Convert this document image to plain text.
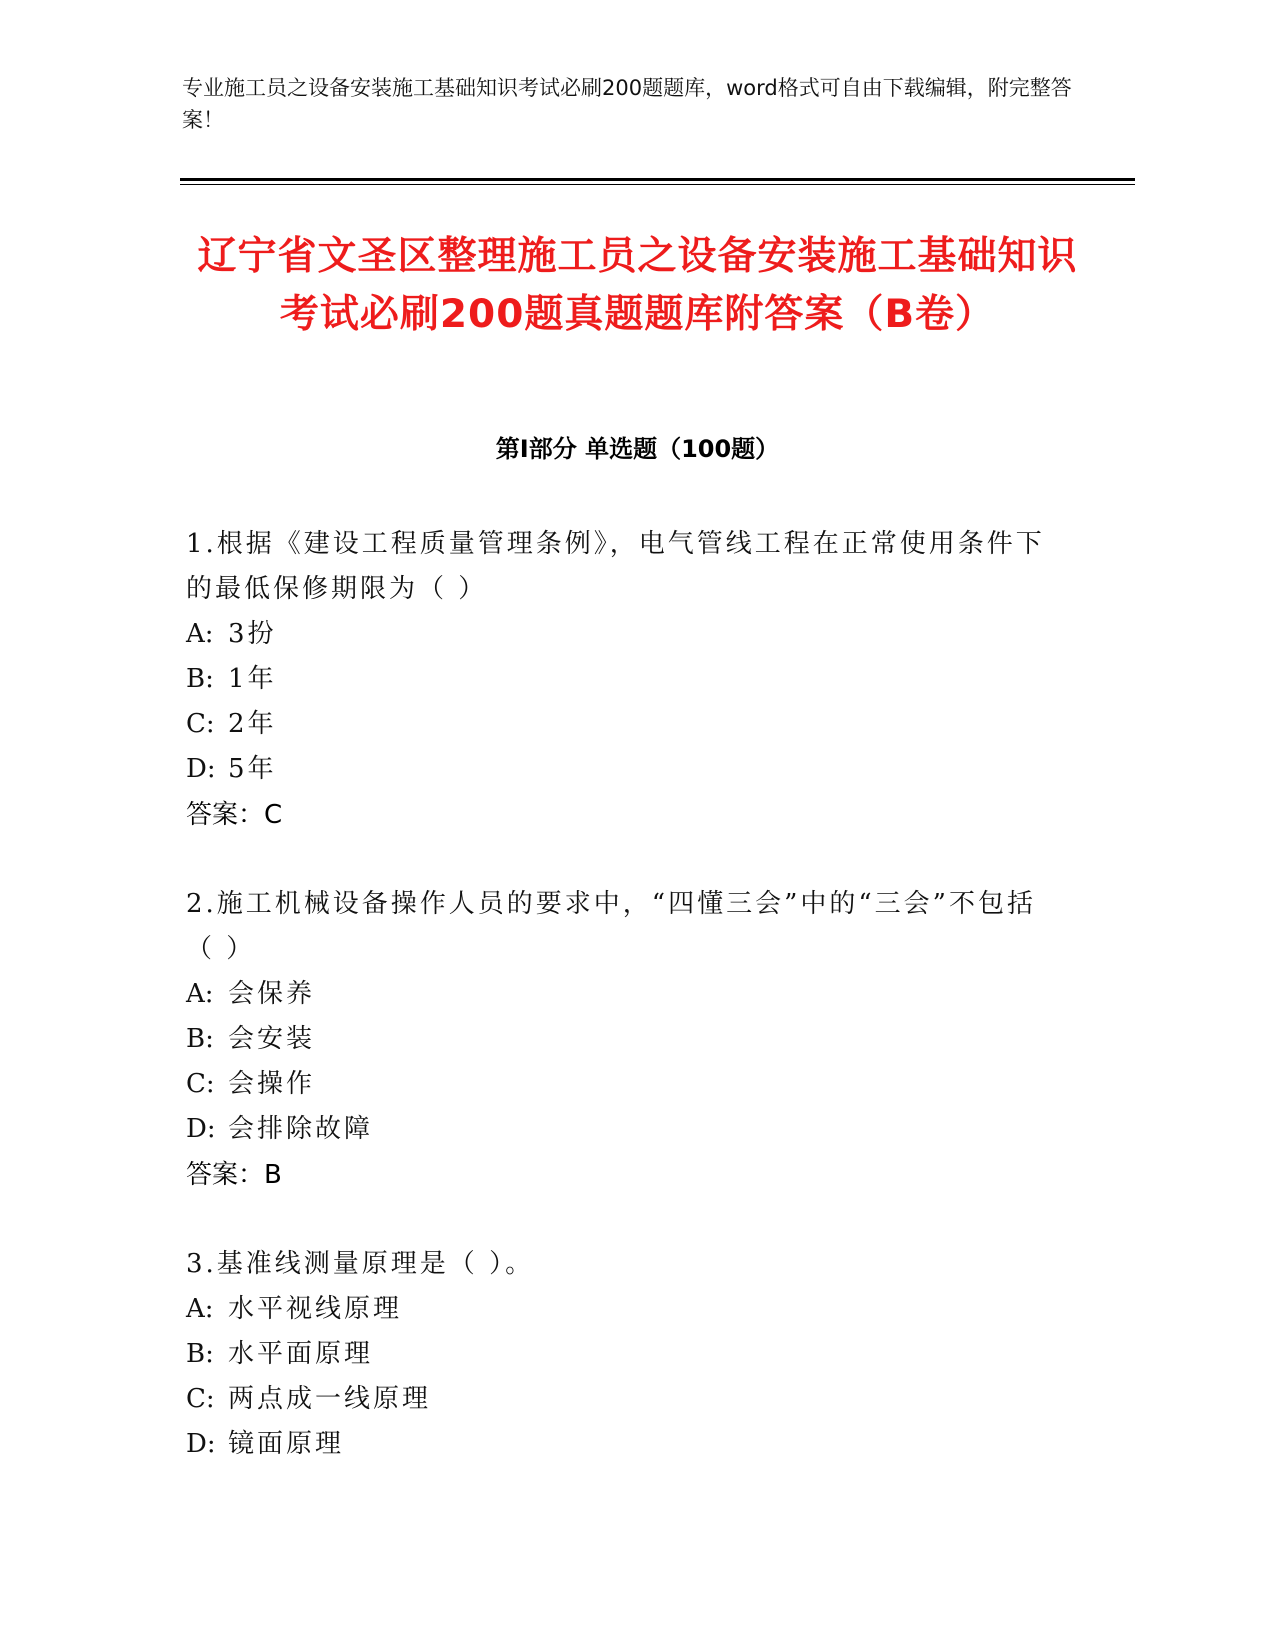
专业施工员之设备安装施工基础知识考试必刷200题题库，word格式可自由下载编辑，附完整答案！
辽宁省文圣区整理施工员之设备安装施工基础知识考试必刷200题真题题库附答案（B卷）
第I部分 单选题（100题）

1.根据《建设工程质量管理条例》，电气管线工程在正常使用条件下的最低保修期限为（ ）

A: 3扮

B: 1年

C: 2年

D: 5年

答案：C

2.施工机械设备操作人员的要求中，“四懂三会”中的“三会”不包括（ ）

A: 会保养

B: 会安装

C: 会操作

D: 会排除故障

答案：B

3.基准线测量原理是（ ）。

A: 水平视线原理

B: 水平面原理

C: 两点成一线原理

D: 镜面原理
